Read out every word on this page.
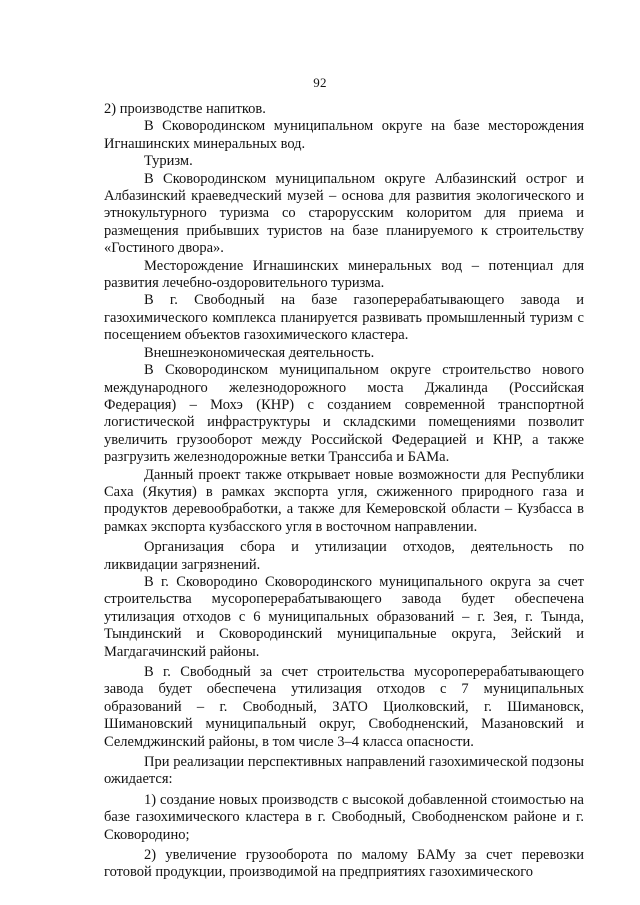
92

2) производстве напитков.

В Сковородинском муниципальном округе на базе месторождения Игнашинских минеральных вод.

Туризм.

В Сковородинском муниципальном округе Албазинский острог и Албазинский краеведческий музей – основа для развития экологического и этнокультурного туризма со старорусским колоритом для приема и размещения прибывших туристов на базе планируемого к строительству «Гостиного двора».

Месторождение Игнашинских минеральных вод – потенциал для развития лечебно-оздоровительного туризма.

В г. Свободный на базе газоперерабатывающего завода и газохимического комплекса планируется развивать промышленный туризм с посещением объектов газохимического кластера.

Внешнеэкономическая деятельность.

В Сковородинском муниципальном округе строительство нового международного железнодорожного моста Джалинда (Российская Федерация) – Мохэ (КНР) с созданием современной транспортной логистической инфраструктуры и складскими помещениями позволит увеличить грузооборот между Российской Федерацией и КНР, а также разгрузить железнодорожные ветки Транссиба и БАМа.

Данный проект также открывает новые возможности для Республики Саха (Якутия) в рамках экспорта угля, сжиженного природного газа и продуктов деревообработки, а также для Кемеровской области – Кузбасса в рамках экспорта кузбасского угля в восточном направлении.

Организация сбора и утилизации отходов, деятельность по ликвидации загрязнений.

В г. Сковородино Сковородинского муниципального округа за счет строительства мусороперерабатывающего завода будет обеспечена утилизация отходов с 6 муниципальных образований – г. Зея, г. Тында, Тындинский и Сковородинский муниципальные округа, Зейский и Магдагачинский районы.

В г. Свободный за счет строительства мусороперерабатывающего завода будет обеспечена утилизация отходов с 7 муниципальных образований – г. Свободный, ЗАТО Циолковский, г. Шимановск, Шимановский муниципальный округ, Свободненский, Мазановский и Селемджинский районы, в том числе 3–4 класса опасности.

При реализации перспективных направлений газохимической подзоны ожидается:

1) создание новых производств с высокой добавленной стоимостью на базе газохимического кластера в г. Свободный, Свободненском районе и г. Сковородино;

2) увеличение грузооборота по малому БАМу за счет перевозки готовой продукции, производимой на предприятиях газохимического
